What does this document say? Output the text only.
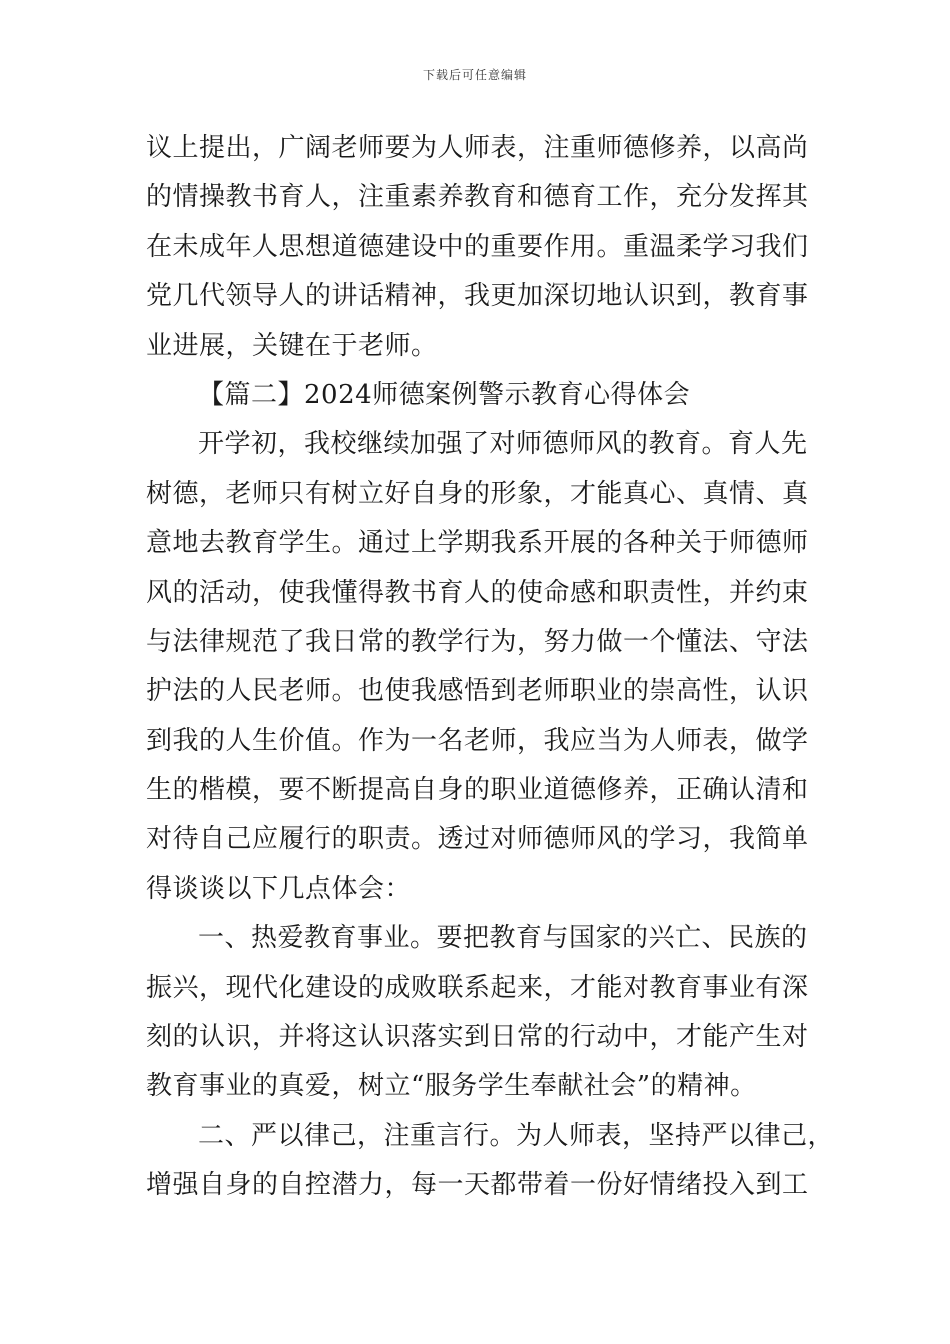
下载后可任意编辑
议上提出，广阔老师要为人师表，注重师德修养，以高尚
的情操教书育人，注重素养教育和德育工作，充分发挥其
在未成年人思想道德建设中的重要作用。重温柔学习我们
党几代领导人的讲话精神，我更加深切地认识到，教育事
业进展，关键在于老师。
【篇二】2024师德案例警示教育心得体会
开学初，我校继续加强了对师德师风的教育。育人先
树德，老师只有树立好自身的形象，才能真心、真情、真
意地去教育学生。通过上学期我系开展的各种关于师德师
风的活动，使我懂得教书育人的使命感和职责性，并约束
与法律规范了我日常的教学行为，努力做一个懂法、守法
护法的人民老师。也使我感悟到老师职业的崇高性，认识
到我的人生价值。作为一名老师，我应当为人师表，做学
生的楷模，要不断提高自身的职业道德修养，正确认清和
对待自己应履行的职责。透过对师德师风的学习，我简单
得谈谈以下几点体会：
一、热爱教育事业。要把教育与国家的兴亡、民族的
振兴，现代化建设的成败联系起来，才能对教育事业有深
刻的认识，并将这认识落实到日常的行动中，才能产生对
教育事业的真爱，树立“服务学生奉献社会”的精神。
二、严以律己，注重言行。为人师表，坚持严以律己，
增强自身的自控潜力，每一天都带着一份好情绪投入到工
